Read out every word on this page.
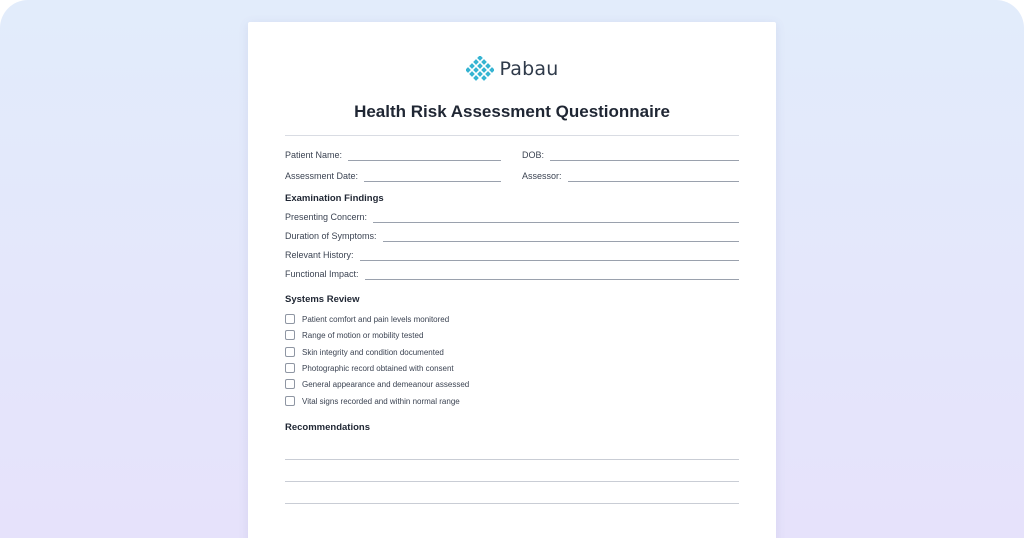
Pabau
Health Risk Assessment Questionnaire
Patient Name:	DOB:
Assessment Date:	Assessor:
Examination Findings
Presenting Concern:
Duration of Symptoms:
Relevant History:
Functional Impact:
Systems Review
Patient comfort and pain levels monitored
Range of motion or mobility tested
Skin integrity and condition documented
Photographic record obtained with consent
General appearance and demeanour assessed
Vital signs recorded and within normal range
Recommendations
